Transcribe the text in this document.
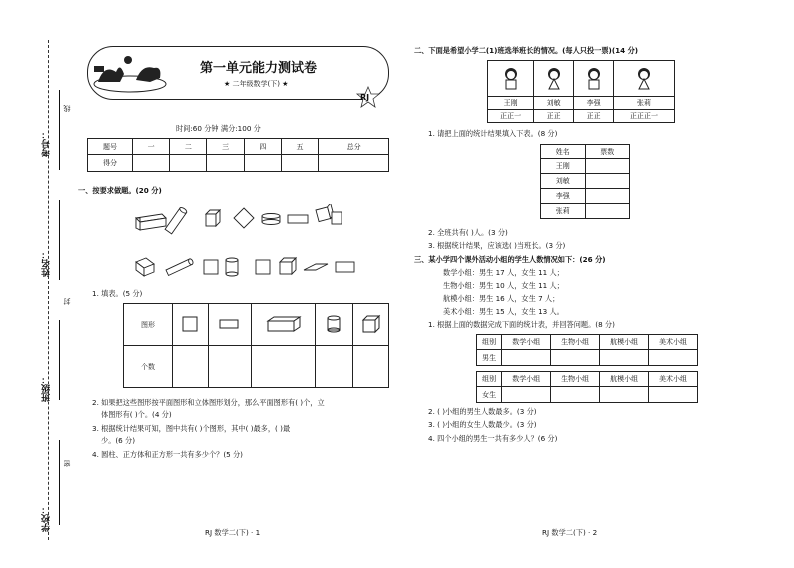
考号：
线
姓名：
封
班级：
密
学校：
第一单元能力测试卷
★ 二年级数学(下) ★
RJ
时间:60 分钟 满分:100 分
题号	一	二	三	四	五	总分
得分						
一、按要求做题。(20 分)
1. 填表。(5 分)
图形					
个数					
2. 如果把这些图形按平面图形和立体图形划分，那么平面图形有( )个，立
体图形有( )个。(4 分)
3. 根据统计结果可知，图中共有( )个图形，其中( )最多，( )最
少。(6 分)
4. 圆柱、正方体和正方形一共有多少个？(5 分)
二、下面是希望小学二(1)班选举班长的情况。(每人只投一票)(14 分)

王刚	刘敏	李强	张莉
正正一	正正	正正	正正正一
1. 请把上面的统计结果填入下表。(8 分)
姓名	票数
王刚	
刘敏	
李强	
张莉	
2. 全班共有( )人。(3 分)
3. 根据统计结果，应该选( )当班长。(3 分)
三、某小学四个课外活动小组的学生人数情况如下：(26 分)
数学小组：男生 17 人，女生 11 人；
生物小组：男生 10 人，女生 11 人；
航模小组：男生 16 人，女生 7 人；
美术小组：男生 15 人，女生 13 人。
1. 根据上面的数据完成下面的统计表，并回答问题。(8 分)
组别	数学小组	生物小组	航模小组	美术小组
男生				
组别	数学小组	生物小组	航模小组	美术小组
女生				
2. ( )小组的男生人数最多。(3 分)
3. ( )小组的女生人数最少。(3 分)
4. 四个小组的男生一共有多少人？(6 分)
RJ 数学二(下) · 1	RJ 数学二(下) · 2
